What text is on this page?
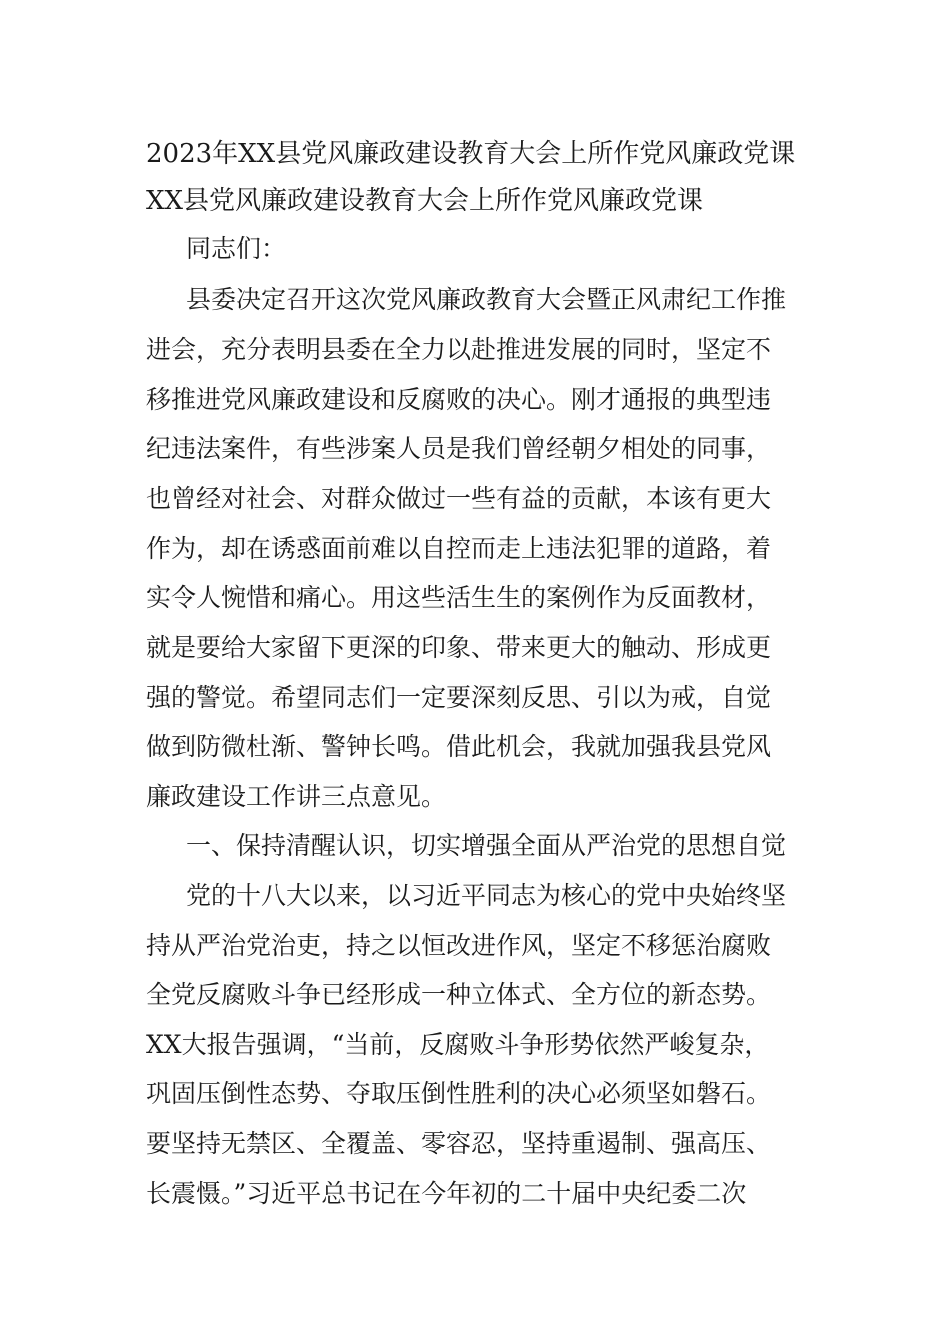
2023年XX县党风廉政建设教育大会上所作党风廉政党课
XX县党风廉政建设教育大会上所作党风廉政党课
同志们：
县委决定召开这次党风廉政教育大会暨正风肃纪工作推
进会，充分表明县委在全力以赴推进发展的同时，坚定不
移推进党风廉政建设和反腐败的决心。刚才通报的典型违
纪违法案件，有些涉案人员是我们曾经朝夕相处的同事，
也曾经对社会、对群众做过一些有益的贡献，本该有更大
作为，却在诱惑面前难以自控而走上违法犯罪的道路，着
实令人惋惜和痛心。用这些活生生的案例作为反面教材，
就是要给大家留下更深的印象、带来更大的触动、形成更
强的警觉。希望同志们一定要深刻反思、引以为戒，自觉
做到防微杜渐、警钟长鸣。借此机会，我就加强我县党风
廉政建设工作讲三点意见。
一、保持清醒认识，切实增强全面从严治党的思想自觉
党的十八大以来，以习近平同志为核心的党中央始终坚
持从严治党治吏，持之以恒改进作风，坚定不移惩治腐败
全党反腐败斗争已经形成一种立体式、全方位的新态势。
XX大报告强调，“当前，反腐败斗争形势依然严峻复杂，
巩固压倒性态势、夺取压倒性胜利的决心必须坚如磐石。
要坚持无禁区、全覆盖、零容忍，坚持重遏制、强高压、
长震慑。”习近平总书记在今年初的二十届中央纪委二次
